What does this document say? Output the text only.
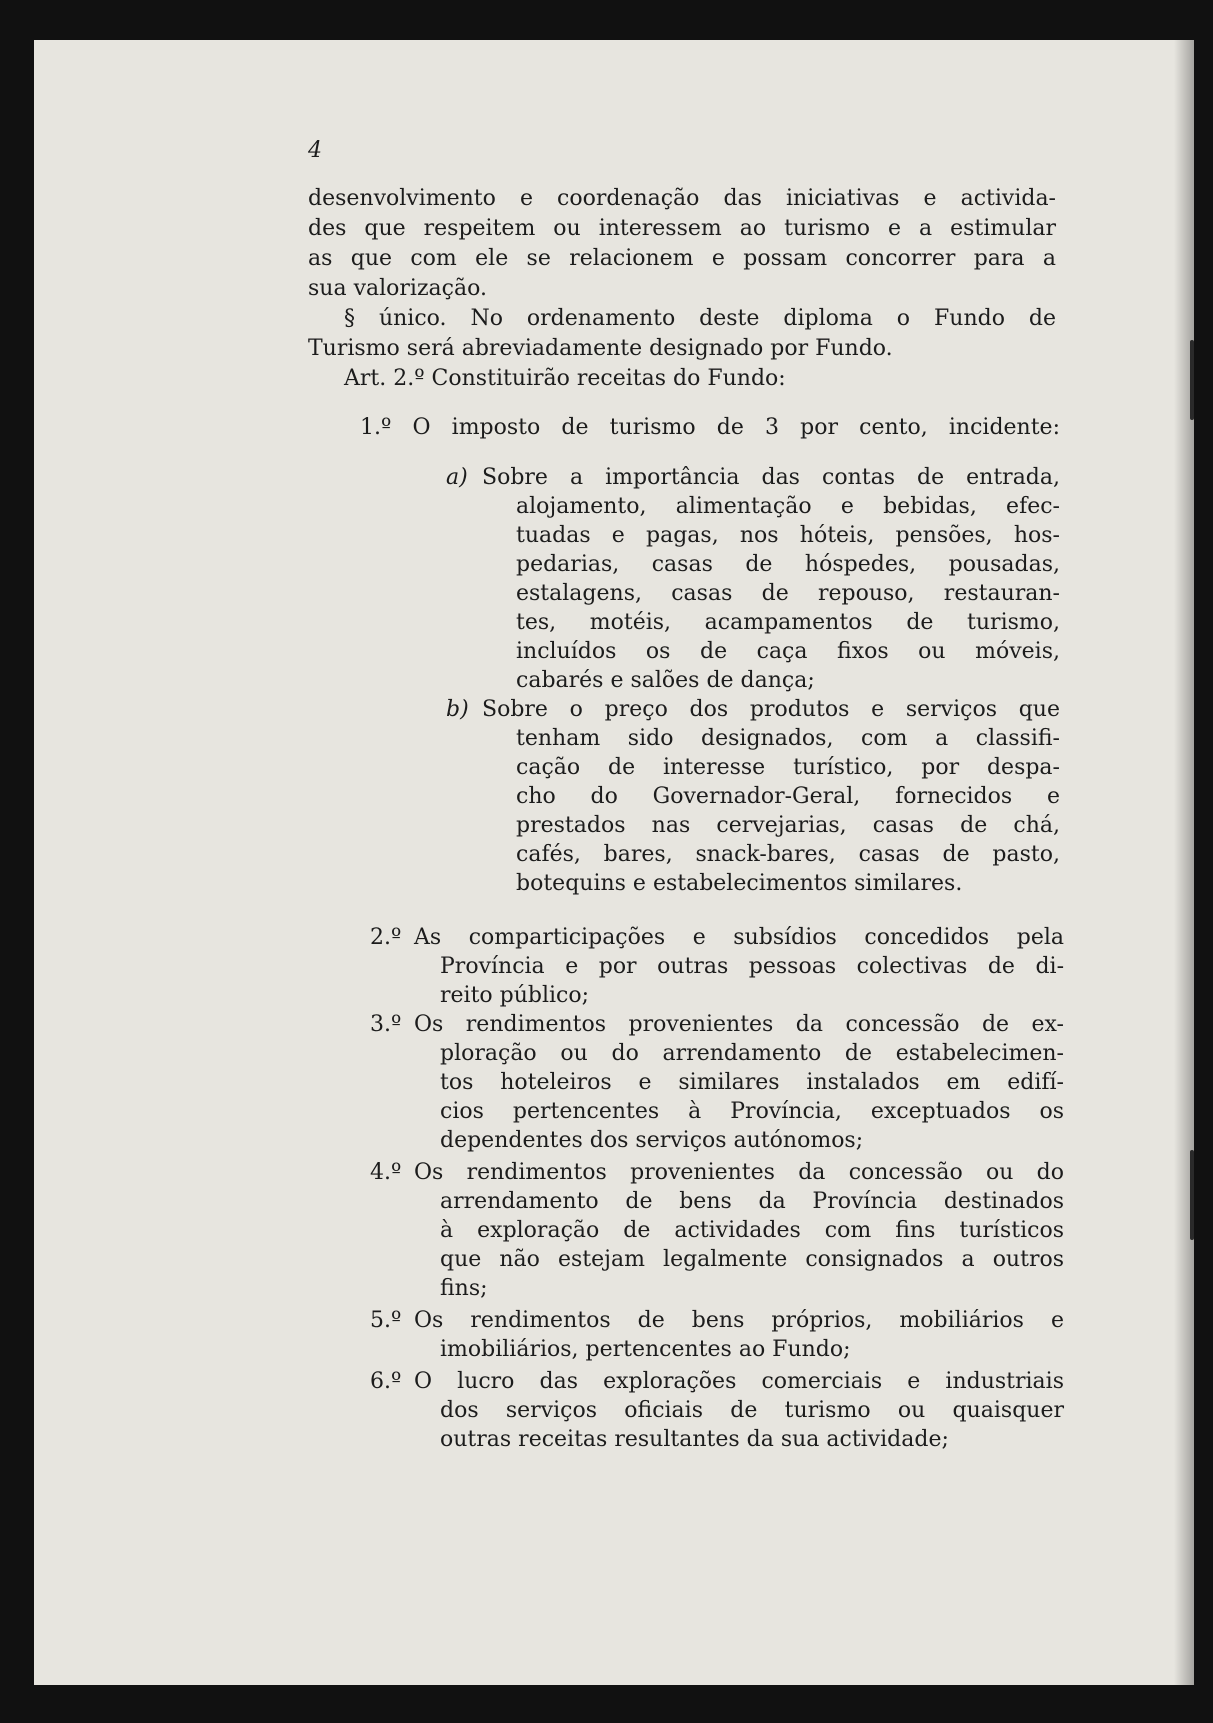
4
desenvolvimento e coordenação das iniciativas e activida-
des que respeitem ou interessem ao turismo e a estimular
as que com ele se relacionem e possam concorrer para a
sua valorização.
§ único. No ordenamento deste diploma o Fundo de
Turismo será abreviadamente designado por Fundo.
Art. 2.º Constituirão receitas do Fundo:
1.º O imposto de turismo de 3 por cento, incidente:
a) Sobre a importância das contas de entrada,
alojamento, alimentação e bebidas, efec-
tuadas e pagas, nos hóteis, pensões, hos-
pedarias, casas de hóspedes, pousadas,
estalagens, casas de repouso, restauran-
tes, motéis, acampamentos de turismo,
incluídos os de caça fixos ou móveis,
cabarés e salões de dança;
b) Sobre o preço dos produtos e serviços que
tenham sido designados, com a classifi-
cação de interesse turístico, por despa-
cho do Governador-Geral, fornecidos e
prestados nas cervejarias, casas de chá,
cafés, bares, snack-bares, casas de pasto,
botequins e estabelecimentos similares.
2.º As comparticipações e subsídios concedidos pela
Província e por outras pessoas colectivas de di-
reito público;
3.º Os rendimentos provenientes da concessão de ex-
ploração ou do arrendamento de estabelecimen-
tos hoteleiros e similares instalados em edifí-
cios pertencentes à Província, exceptuados os
dependentes dos serviços autónomos;
4.º Os rendimentos provenientes da concessão ou do
arrendamento de bens da Província destinados
à exploração de actividades com fins turísticos
que não estejam legalmente consignados a outros
fins;
5.º Os rendimentos de bens próprios, mobiliários e
imobiliários, pertencentes ao Fundo;
6.º O lucro das explorações comerciais e industriais
dos serviços oficiais de turismo ou quaisquer
outras receitas resultantes da sua actividade;
